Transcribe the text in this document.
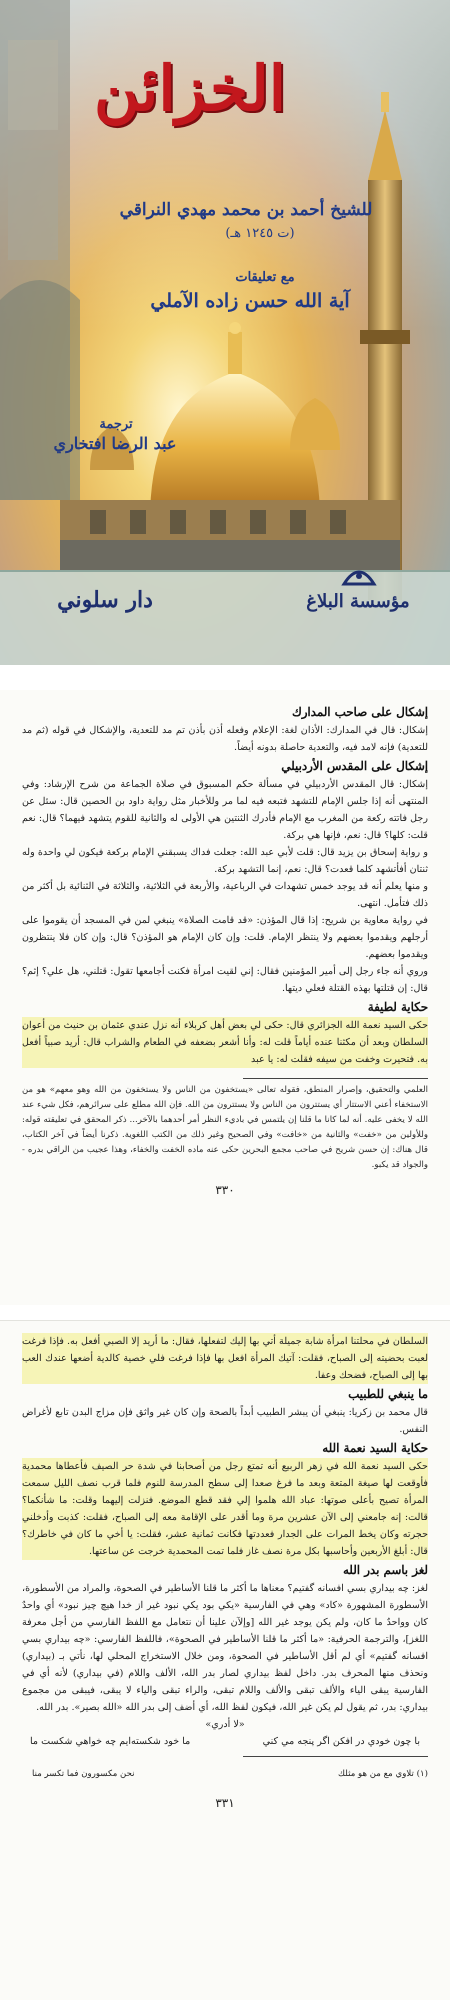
الخزائن
للشيخ أحمد بن محمد مهدي النراقي
(ت ١٢٤٥ هـ)
مع تعليقات
آية الله حسن زاده الآملي
ترجمة
عبد الرضا افتخاري
مؤسسة البلاغ
دار سلوني
إشكال على صاحب المدارك

إشكال: قال في المدارك: الأذان لغة: الإعلام وفعله أذن بأذن تم مد للتعدية، والإشكال في قوله (ثم مد للتعدية) فإنه لامد فيه، والتعدية حاصلة بدونه أيضاً.

إشكال على المقدس الأردبيلي

إشكال: قال المقدس الأردبيلي في مسألة حكم المسبوق في صلاة الجماعة من شرح الإرشاد: وفي المنتهى أنه إذا جلس الإمام للتشهد فتبعه فيه لما مر وللأخبار مثل رواية داود بن الحصين قال: سئل عن رجل فاتته ركعة من المغرب مع الإمام فأدرك الثنتين هي الأولى له والثانية للقوم يتشهد فيهما؟ قال: نعم قلت: كلها؟ قال: نعم، فإنها هي بركة.

و رواية إسحاق بن يزيد قال: قلت لأبي عبد الله: جعلت فداك يسبقني الإمام بركعة فيكون لي واحدة وله ثنتان أفأتشهد كلما قعدت؟ قال: نعم، إنما التشهد بركة.

و منها يعلم أنه قد يوجد خمس تشهدات في الرباعية، والأربعة في الثلاثية، والثلاثة في الثنائية بل أكثر من ذلك فتأمل. انتهى.

في رواية معاوية بن شريح: إذا قال المؤذن: «قد قامت الصلاة» ينبغي لمن في المسجد أن يقوموا على أرجلهم ويقدموا بعضهم ولا ينتظر الإمام. قلت: وإن كان الإمام هو المؤذن؟ قال: وإن كان فلا ينتظرون ويقدموا بعضهم.

وروي أنه جاء رجل إلى أمير المؤمنين فقال: إني لقيت امرأة فكنت أجامعها تقول: قتلني، هل علي؟ إثم؟ قال: إن قتلتها بهذه القتلة فعلي ديتها.

حكاية لطيفة

حكى السيد نعمة الله الجزائري قال: حكى لي بعض أهل كربلاء أنه نزل عندي عثمان بن حنيث من أعوان السلطان وبعد أن مكثنا عنده أياماً قلت له: وأنا أشعر بضعفه في الطعام والشراب قال: أريد صبياً أفعل به. فتحيرت وخفت من سيفه فقلت له: يا عبد

العلمي والتحقيق، وإصرار المنطق، فقوله تعالى «يستخفون من الناس ولا يستخفون من الله وهو معهم» هو من الاستخفاء أعني الاستتار أي يستترون من الناس ولا يستترون من الله. فإن الله مطلع على سرائرهم، فكل شيء عند الله لا يخفى عليه. أنه لما كانا ما قلنا إن يلتمس في باديء النظر أمر أحدهما بالآخر... ذكر المحقق في تعليقته قوله: وللأولين من «خفت» والثانية من «خافت» وفي الصحيح وغير ذلك من الكتب اللغوية. ذكرنا أيضاً في آخر الكتاب، قال هناك: إن حسن شريح في صاحب مجمع البحرين حكى عنه ماده الخفت والخفاء، وهذا عجيب من الراقي بدره - والجواد قد يكبو.

٣٣٠

السلطان في محلتنا امرأة شابة جميلة أتي بها إليك لتفعلها، فقال: ما أريد إلا الصبي أفعل به. فإذا فرغت لعبت بحضيته إلى الصباح، فقلت: آتيك المرأة افعل بها فإذا فرغت فلي خصية كالدية أضعها عندك العب بها إلى الصباح، فضحك وعفا.

ما ينبغي للطبيب

قال محمد بن زكريا: ينبغي أن يبشر الطبيب أبداً بالصحة وإن كان غير واثق فإن مزاج البدن تابع لأغراض النفس.

حكاية السيد نعمة الله

حكى السيد نعمة الله في زهر الربيع أنه تمتع رجل من أصحابنا في شدة حر الصيف فأعطاها محمدية فأوقعت لها صيغة المتعة وبعد ما فرغ صعدا إلى سطح المدرسة للنوم فلما قرب نصف الليل سمعت المرأة تصيح بأعلى صوتها: عباد الله هلموا إلي فقد قطع الموضع. فنزلت إليهما وقلت: ما شأنكما؟ قالت: إنه جامعني إلى الآن عشرين مرة وما أقدر على الإقامة معه إلى الصباح، فقلت: كذبت وأدخلني حجرته وكان يخط المرات على الجدار فعددتها فكانت ثمانية عشر، فقلت: يا أخي ما كان في خاطرك؟ قال: أبلغ الأربعين وأحاسبها بكل مرة نصف غاز فلما تمت المحمدية خرجت عن ساعتها.

لغز باسم بدر الله

لغز: چه بيداري بسي افسانه گفتيم؟ معناها ما أكثر ما قلنا الأساطير في الصحوة، والمراد من الأسطورة، الأسطورة المشهورة «كاد» وهي في الفارسية «يكي بود يكي نبود غير از خدا هيچ چيز نبود» أي واحدٌ كان وواحدٌ ما كان، ولم يكن يوجد غير الله [وإلآن علينا أن نتعامل مع اللفظ الفارسي من أجل معرفة اللغز]، والترجمة الحرفية: «ما أكثر ما قلنا الأساطير في الصحوة»، فاللفظ الفارسي: «چه بيداري بسي افسانه گفتيم» أي لم أقل الأساطير في الصحوة، ومن خلال الاستخراج المحلي لها، نأتي بـ (بيداري) ونحذف منها المحرف بدر. داخل لفظ بيداري لصار بدر الله، الألف واللام (في بيداري) لأنه أي في الفارسية يبقى الياء والألف تبقى والألف واللام تبقى، والراء تبقى والياء لا يبقى، فيبقى من مجموع بيداري: بدر، ثم يقول لم يكن غير الله، فيكون لفظ الله، أي أضف إلى بدر الله «الله بصير». بدر الله.

«لا أدري»
با چون خودي در افكن اگر پنجه مي كني
ما خود شكسته‌ايم چه خواهي شكست ما
(١) تلاوي مع من هو مثلك
نحن مكسورون فما تكسر منا
٣٣١
